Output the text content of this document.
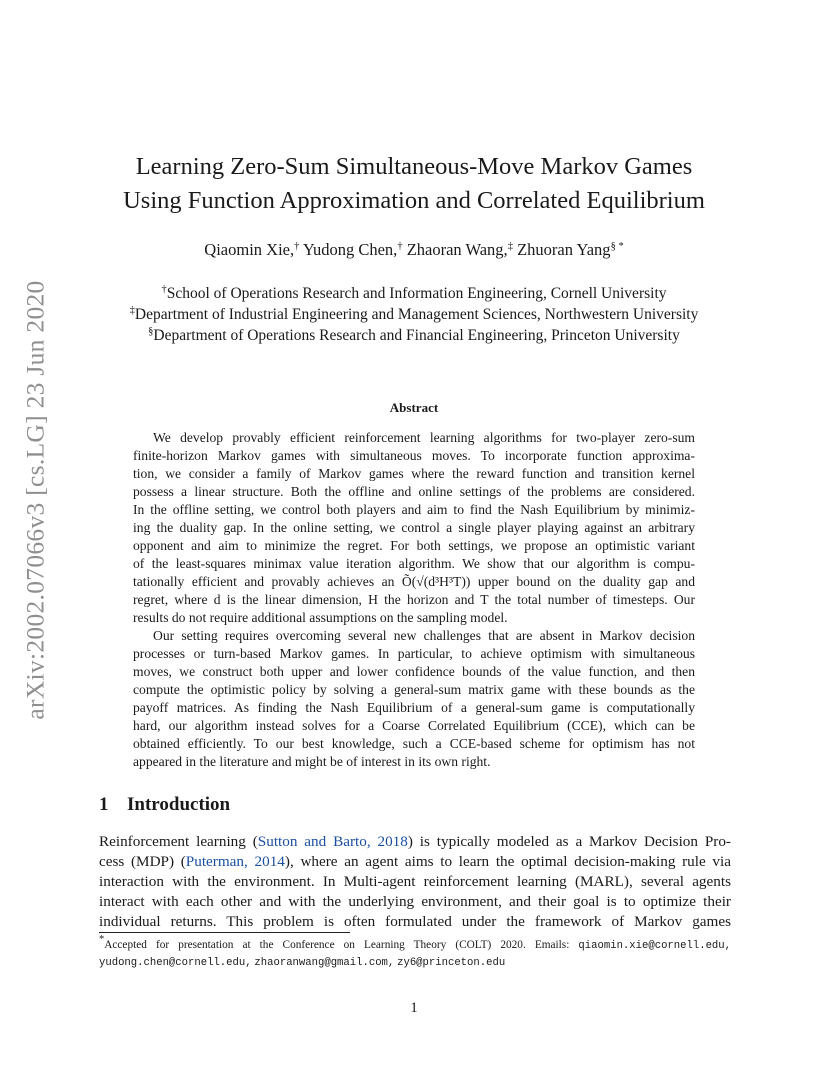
arXiv:2002.07066v3 [cs.LG] 23 Jun 2020
Learning Zero-Sum Simultaneous-Move Markov Games
Using Function Approximation and Correlated Equilibrium
Qiaomin Xie,† Yudong Chen,† Zhaoran Wang,‡ Zhuoran Yang§ *
†School of Operations Research and Information Engineering, Cornell University
‡Department of Industrial Engineering and Management Sciences, Northwestern University
§Department of Operations Research and Financial Engineering, Princeton University
Abstract
We develop provably efficient reinforcement learning algorithms for two-player zero-sum
finite-horizon Markov games with simultaneous moves. To incorporate function approxima-
tion, we consider a family of Markov games where the reward function and transition kernel
possess a linear structure. Both the offline and online settings of the problems are considered.
In the offline setting, we control both players and aim to find the Nash Equilibrium by minimiz-
ing the duality gap. In the online setting, we control a single player playing against an arbitrary
opponent and aim to minimize the regret. For both settings, we propose an optimistic variant
of the least-squares minimax value iteration algorithm. We show that our algorithm is compu-
tationally efficient and provably achieves an Õ(√(d³H³T)) upper bound on the duality gap and
regret, where d is the linear dimension, H the horizon and T the total number of timesteps. Our
results do not require additional assumptions on the sampling model.
Our setting requires overcoming several new challenges that are absent in Markov decision
processes or turn-based Markov games. In particular, to achieve optimism with simultaneous
moves, we construct both upper and lower confidence bounds of the value function, and then
compute the optimistic policy by solving a general-sum matrix game with these bounds as the
payoff matrices. As finding the Nash Equilibrium of a general-sum game is computationally
hard, our algorithm instead solves for a Coarse Correlated Equilibrium (CCE), which can be
obtained efficiently. To our best knowledge, such a CCE-based scheme for optimism has not
appeared in the literature and might be of interest in its own right.
1 Introduction
Reinforcement learning (Sutton and Barto, 2018) is typically modeled as a Markov Decision Pro-
cess (MDP) (Puterman, 2014), where an agent aims to learn the optimal decision-making rule via
interaction with the environment. In Multi-agent reinforcement learning (MARL), several agents
interact with each other and with the underlying environment, and their goal is to optimize their
individual returns. This problem is often formulated under the framework of Markov games
*Accepted for presentation at the Conference on Learning Theory (COLT) 2020. Emails: qiaomin.xie@cornell.edu,
yudong.chen@cornell.edu, zhaoranwang@gmail.com, zy6@princeton.edu
1
